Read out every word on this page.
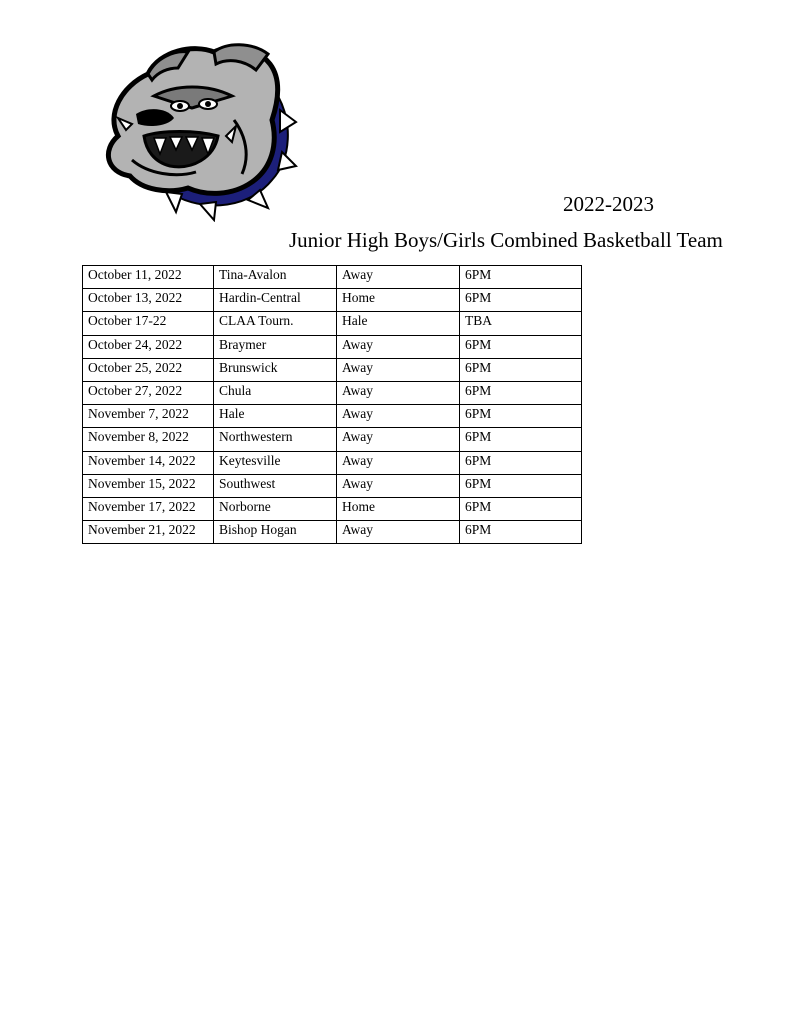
2022-2023
Junior High Boys/Girls Combined Basketball Team
October 11, 2022	Tina-Avalon	Away	6PM
October 13, 2022	Hardin-Central	Home	6PM
October 17-22	CLAA Tourn.	Hale	TBA
October 24, 2022	Braymer	Away	6PM
October 25, 2022	Brunswick	Away	6PM
October 27, 2022	Chula	Away	6PM
November 7, 2022	Hale	Away	6PM
November 8, 2022	Northwestern	Away	6PM
November 14, 2022	Keytesville	Away	6PM
November 15, 2022	Southwest	Away	6PM
November 17, 2022	Norborne	Home	6PM
November 21, 2022	Bishop Hogan	Away	6PM
